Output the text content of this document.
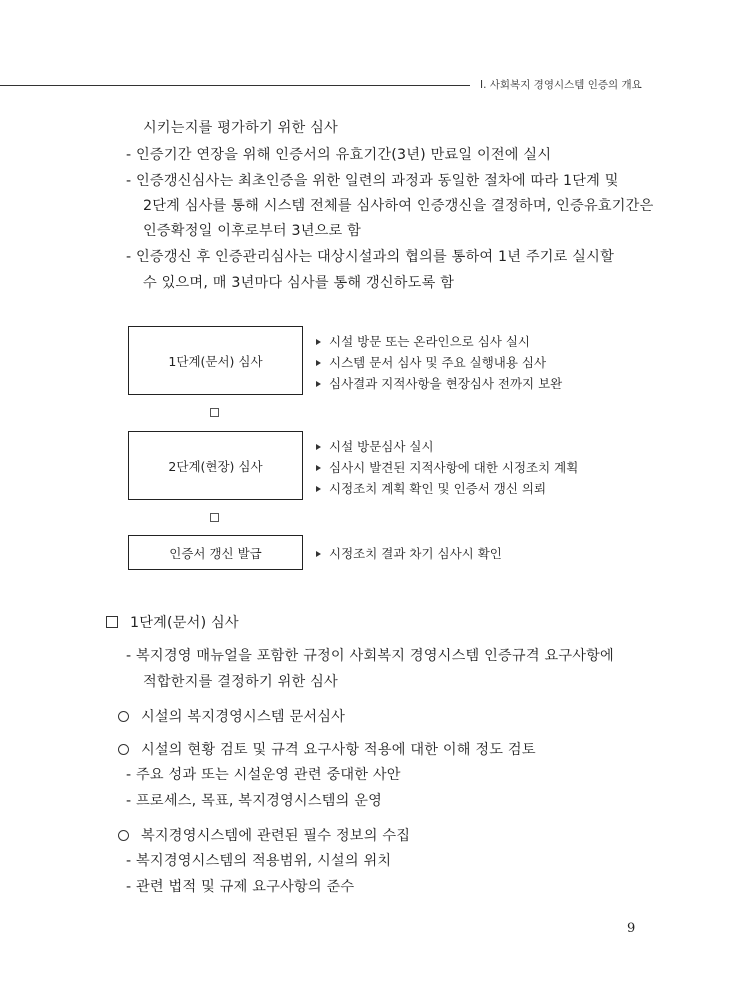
Ⅰ. 사회복지 경영시스템 인증의 개요
시키는지를 평가하기 위한 심사
- 인증기간 연장을 위해 인증서의 유효기간(3년) 만료일 이전에 실시
- 인증갱신심사는 최초인증을 위한 일련의 과정과 동일한 절차에 따라 1단계 및
2단계 심사를 통해 시스템 전체를 심사하여 인증갱신을 결정하며, 인증유효기간은
인증확정일 이후로부터 3년으로 함
- 인증갱신 후 인증관리심사는 대상시설과의 협의를 통하여 1년 주기로 실시할
수 있으며, 매 3년마다 심사를 통해 갱신하도록 함
1단계(문서) 심사
시설 방문 또는 온라인으로 심사 실시
시스템 문서 심사 및 주요 실행내용 심사
심사결과 지적사항을 현장심사 전까지 보완
2단계(현장) 심사
시설 방문심사 실시
심사시 발견된 지적사항에 대한 시정조치 계획
시정조치 계획 확인 및 인증서 갱신 의뢰
인증서 갱신 발급	시정조치 결과 차기 심사시 확인
1단계(문서) 심사
- 복지경영 매뉴얼을 포함한 규정이 사회복지 경영시스템 인증규격 요구사항에
적합한지를 결정하기 위한 심사
시설의 복지경영시스템 문서심사
시설의 현황 검토 및 규격 요구사항 적용에 대한 이해 정도 검토
- 주요 성과 또는 시설운영 관련 중대한 사안
- 프로세스, 목표, 복지경영시스템의 운영
복지경영시스템에 관련된 필수 정보의 수집
- 복지경영시스템의 적용범위, 시설의 위치
- 관련 법적 및 규제 요구사항의 준수
9
